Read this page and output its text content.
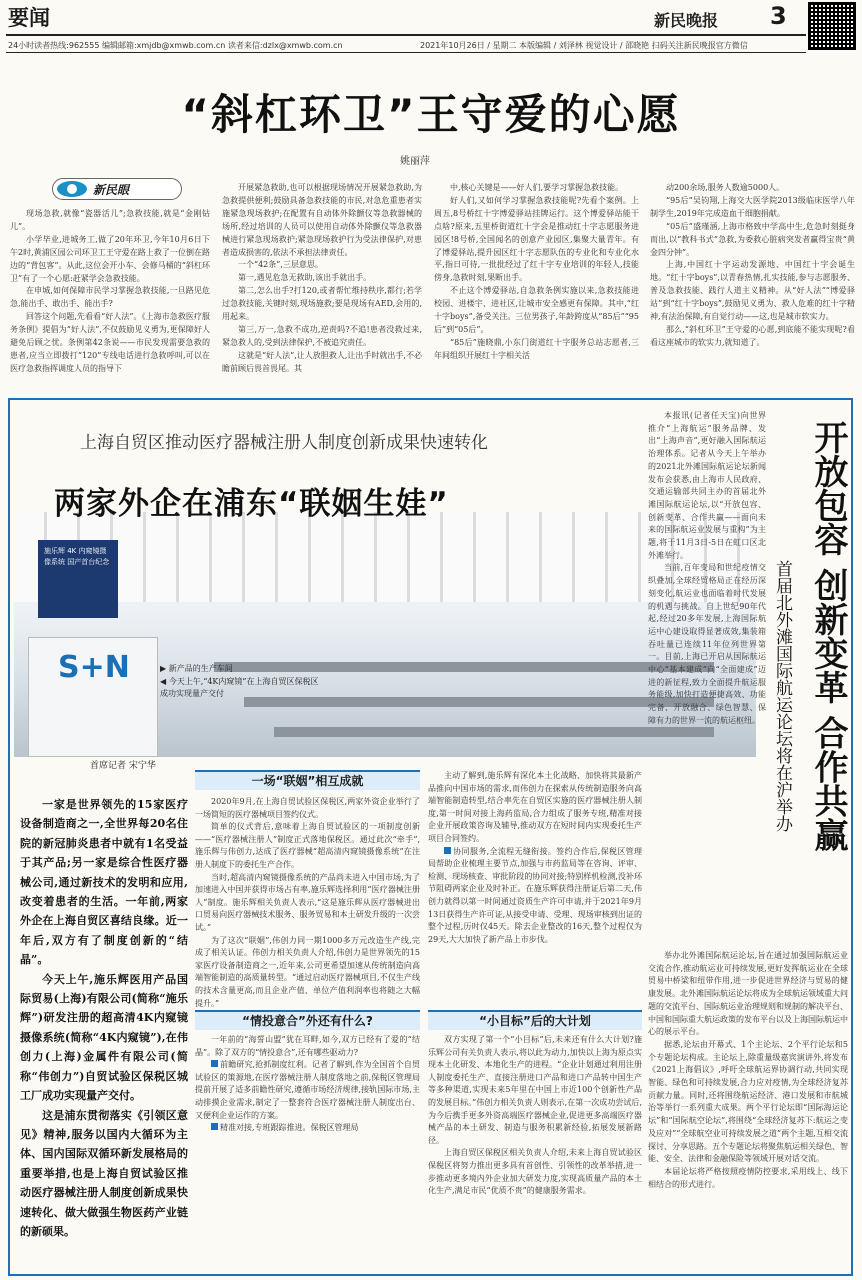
要闻	新民晚报 3
24小时读者热线:962555 编辑邮箱:xmjdb@xmwb.com.cn 读者来信:dzlx@xmwb.com.cn	2021年10月26日 / 星期二 本版编辑 / 刘泽林 视觉设计 / 邵晓艳 扫码关注新民晚报官方微信
“斜杠环卫”王守爱的心愿
姚丽萍
新民眼

现场急救,就像“瓷器活儿”;急救技能,就是“金刚钻儿”。

小学毕业,进城务工,做了20年环卫,今年10月6日下午2时,黄浦区园公司环卫工王守爱在路上救了一位倒在路边的“背包客”。从此,这位会开小车、会修马桶的“斜杠环卫”有了一个心愿:赶紧学会急救技能。

在申城,如何保障市民学习掌握急救技能,一旦路见危急,能出手、敢出手、能出手?

回答这个问题,先看看“好人法”。《上海市急救医疗服务条例》提倡为“好人法”,不仅鼓励见义勇为,更保障好人避免后顾之忧。条例第42条说——市民发现需要急救的患者,应当立即拨打“120”专线电话进行急救呼叫,可以在医疗急救指挥调度人员的指导下

开展紧急救助,也可以根据现场情况开展紧急救助,为急救提供便利;鼓励具备急救技能的市民,对急危重患者实施紧急现场救护;在配置有自动体外除颤仪等急救器械的场所,经过培训的人员可以使用自动体外除颤仪等急救器械进行紧急现场救护;紧急现场救护行为受法律保护,对患者造成损害的,依法不承担法律责任。

一个“42条”,三层意思。

第一,遇见危急无救助,该出手就出手。

第二,怎么出手?打120,或者帮忙维持秩序,都行;若学过急救技能,关键时刻,现场施救;要是现场有AED,会用的,用起来。

第三,万一,急救不成功,逆责吗?不追!患者没救过来,紧急救人的,受到法律保护,不被追究责任。

这就是“好人法”,让人放胆救人,让出手时就出手,不必瞻前顾后畏首畏尾。其

中,核心关键是——好人们,要学习掌握急救技能。

好人们,又如何学习掌握急救技能呢?先看个案例。上周五,8号桥红十字博爱驿站挂牌运行。这个博爱驿站能干点啥?原来,五里桥街道红十字会是推动红十字志愿服务进园区!8号桥,全国闻名的创意产业园区,集聚大量青年。有了博爱驿站,提升园区红十字志愿队伍的专业化和专业化水平,指日可待,一批批经过了红十字专业培训的年轻人,技能傍身,急救时刻,果断出手。

不止这个博爱驿站,自急救条例实施以来,急救技能进校园、进楼宇、进社区,让城市安全感更有保障。其中,“红十字boys”,备受关注。三位男孩子,年龄跨度从“85后”“95后”到“05后”。

“85后”施晓鼎,小东门街道红十字服务总站志愿者,三年间组织开展红十字相关活

动200余场,服务人数逾5000人。

“95后”吴钧翔,上海交大医学院2013级临床医学八年制学生,2019年完成造血干细胞捐献。

“05后”盛瑾涵,上海市格致中学高中生,危急时刻挺身而出,以“教科书式”急救,为委救心脏病突发者赢得宝贵“黄金四分钟”。

上海,中国红十字运动发源地、中国红十字会诞生地。“红十字boys”,以青春热情,扎实技能,参与志愿服务、普及急救技能、践行人道主义精神。从“好人法”“博爱驿站”到“红十字boys”,鼓励见义勇为、救人危难的红十字精神,有法治保障,有自觉行动——这,也是城市软实力。

那么,“斜杠环卫”王守爱的心愿,到底能不能实现呢?看看这座城市的软实力,就知道了。

上海自贸区推动医疗器械注册人制度创新成果快速转化
两家外企在浦东“联姻生娃”
施乐辉 4K 内窥镜摄像系统 国产首台纪念
S+N	▶ 新产品的生产车间
◀ 今天上午,“4K内窥镜”在上海自贸区保税区成功实现量产交付
首席记者 宋宁华

一家是世界领先的15家医疗设备制造商之一,全世界每20名住院的新冠肺炎患者中就有1名受益于其产品;另一家是综合性医疗器械公司,通过新技术的发明和应用,改变着患者的生活。一年前,两家外企在上海自贸区喜结良缘。近一年后,双方有了制度创新的“结晶”。

今天上午,施乐辉医用产品国际贸易(上海)有限公司(简称“施乐辉”)研发注册的超高清4K内窥镜摄像系统(简称“4K内窥镜”),在伟创力(上海)金属件有限公司(简称“伟创力”)自贸试验区保税区城工厂成功实现量产交付。

这是浦东贯彻落实《引领区意见》精神,服务以国内大循环为主体、国内国际双循环新发展格局的重要举措,也是上海自贸试验区推动医疗器械注册人制度创新成果快速转化、做大做强生物医药产业链的新硕果。

一场“联姻”相互成就

2020年9月,在上海自贸试验区保税区,两家外资企业举行了一场简短的医疗器械项目签约仪式。

简单的仪式背后,意味着上海自贸试验区的一项制度创新——“医疗器械注册人”制度正式落地保税区。通过此次“牵手”,施乐辉与伟创力,达成了医疗器械“超高清内窥镜摄像系统”在注册人制度下的委托生产合作。

当时,超高清内窥镜摄像系统的产品尚未进入中国市场,为了加速进入中国并获得市场占有率,施乐辉选择利用“医疗器械注册人”制度。施乐辉相关负责人表示,“这是施乐辉从医疗器械进出口贸易向医疗器械技术服务、服务贸易和本土研发升级的一次尝试。”

为了这次“联姻”,伟创力同一期1000多万元改造生产线,完成了相关认证。伟创力相关负责人介绍,伟创力是世界领先的15家医疗设备制造商之一,近年来,公司更希望加速从传统制造向高端智能制造的高质量转型。“通过启动医疗器械项目,不仅生产线的技术含量更高,而且企业产值、单位产值利润率也将随之大幅提升。”

“情投意合”外还有什么?

一年前的“海誓山盟”犹在耳畔,如今,双方已经有了爱的“结晶”。除了双方的“情投意合”,还有哪些驱动力?

前瞻研究,抢抓制度红利。记者了解到,作为全国首个自贸试验区的策源地,在医疗器械注册人制度落地之前,保税区管理局提前开展了适多前瞻性研究,遵循市场经济规律,接轨国际市场,主动排摸企业需求,制定了一整套符合医疗器械注册人制度出台、又便利企业运作的方案。

精准对接,专班跟踪推进。保税区管理局

主动了解到,施乐辉有深化本土化战略、加快将其最新产品推向中国市场的需求,而伟创力在探索从传统制造服务向高端智能制造转型,结合率先在自贸区实施的医疗器械注册人制度,第一时间对接上海药监局,合力组成了服务专班,精准对接企业开展政策咨询及辅导,推动双方在短时间内实现委托生产项目合同签约。

协同服务,全流程无缝衔接。签约合作后,保税区管理局帮助企业梳理主要节点,加强与市药监局等在咨询、评审、检测、现场核查、审批阶段的协同对接;特别样机检测,没补环节阻碍两家企业及时补正。在施乐辉获得注册证后第二天,伟创力就得以第一时间通过资质生产许可申请,并于2021年9月13日获得生产许可证,从接受申请、受理、现场审核到出证的整个过程,历时仅45天。除去企业整改的16天,整个过程仅为29天,大大加快了新产品上市步伐。

“小目标”后的大计划

双方实现了第一个“小目标”后,未来还有什么大计划?施乐辉公司有关负责人表示,将以此为动力,加快以上海为原点实现本土化研发、本地化生产的进程。“企业计划通过利用注册人制度委托生产、直接注册进口产品和进口产品转中国生产等多种渠道,实现未来5年里在中国上市近100个创新性产品的发展目标。”伟创力相关负责人则表示,在第一次成功尝试后,为今后携手更多外资高端医疗器械企业,促进更多高端医疗器械产品的本土研发、制造与服务积累新经验,拓展发展新路径。

上海自贸区保税区相关负责人介绍,未来上海自贸试验区保税区将努力推出更多具有首创性、引领性的改革举措,进一步推动更多境内外企业加大研发力度,实现高质量产品的本土化生产,满足市民“优质不贵”的健康服务需求。

开放包容 创新变革 合作共赢
首届北外滩国际航运论坛将在沪举办

本报讯(记者任天宝)向世界推介“上海航运”服务品牌、发出“上海声音”,更好融入国际航运治理体系。记者从今天上午举办的2021北外滩国际航运论坛新闻发布会获悉,由上海市人民政府、交通运输部共同主办的首届北外滩国际航运论坛,以“开放包容、创新变革、合作共赢——面向未来的国际航运业发展与重构”为主题,将于11月3日-5日在虹口区北外滩举行。

当前,百年变局和世纪疫情交织叠加,全球经贸格局正在经历深刻变化,航运业也面临着时代发展的机遇与挑战。自上世纪90年代起,经过20多年发展,上海国际航运中心建设取得显著成效,集装箱吞吐量已连续11年位列世界第一。目前,上海已开启从国际航运中心“基本建成”向“全面建成”迈进的新征程,致力全面提升航运服务能级,加快打造便捷高效、功能完备、开放融合、绿色智慧、保障有力的世界一流的航运枢纽。

举办北外滩国际航运论坛,旨在通过加强国际航运业交流合作,推动航运业可持续发展,更好发挥航运业在全球贸易中桥梁和纽带作用,进一步促进世界经济与贸易的健康发展。北外滩国际航运论坛将成为全球航运领域重大问题的交流平台、国际航运业治理规则和规制的解决平台、中国和国际重大航运政策的发布平台以及上海国际航运中心的展示平台。

据悉,论坛由开幕式、1个主论坛、2个平行论坛和5个专题论坛构成。主论坛上,除重量级嘉宾演讲外,将发布《2021上海倡议》,呼吁全球航运界协调行动,共同实现智能、绿色和可持续发展,合力应对疫情,为全球经济复苏贡献力量。同时,还将围绕航运经济、港口发展和市航城治等举行一系列重大成果。两个平行论坛即“国际海运论坛”和“国际航空论坛”,将围绕“全球经济复苏下:航运之变及应对”“全球航空业可持续发展之道”两个主题,互相交流探讨、分享思路。五个专题论坛将聚焦航运相关绿色、智能、安全、法律和金融保险等领域开展对话交流。

本届论坛将严格按照疫情防控要求,采用线上、线下相结合的形式进行。
